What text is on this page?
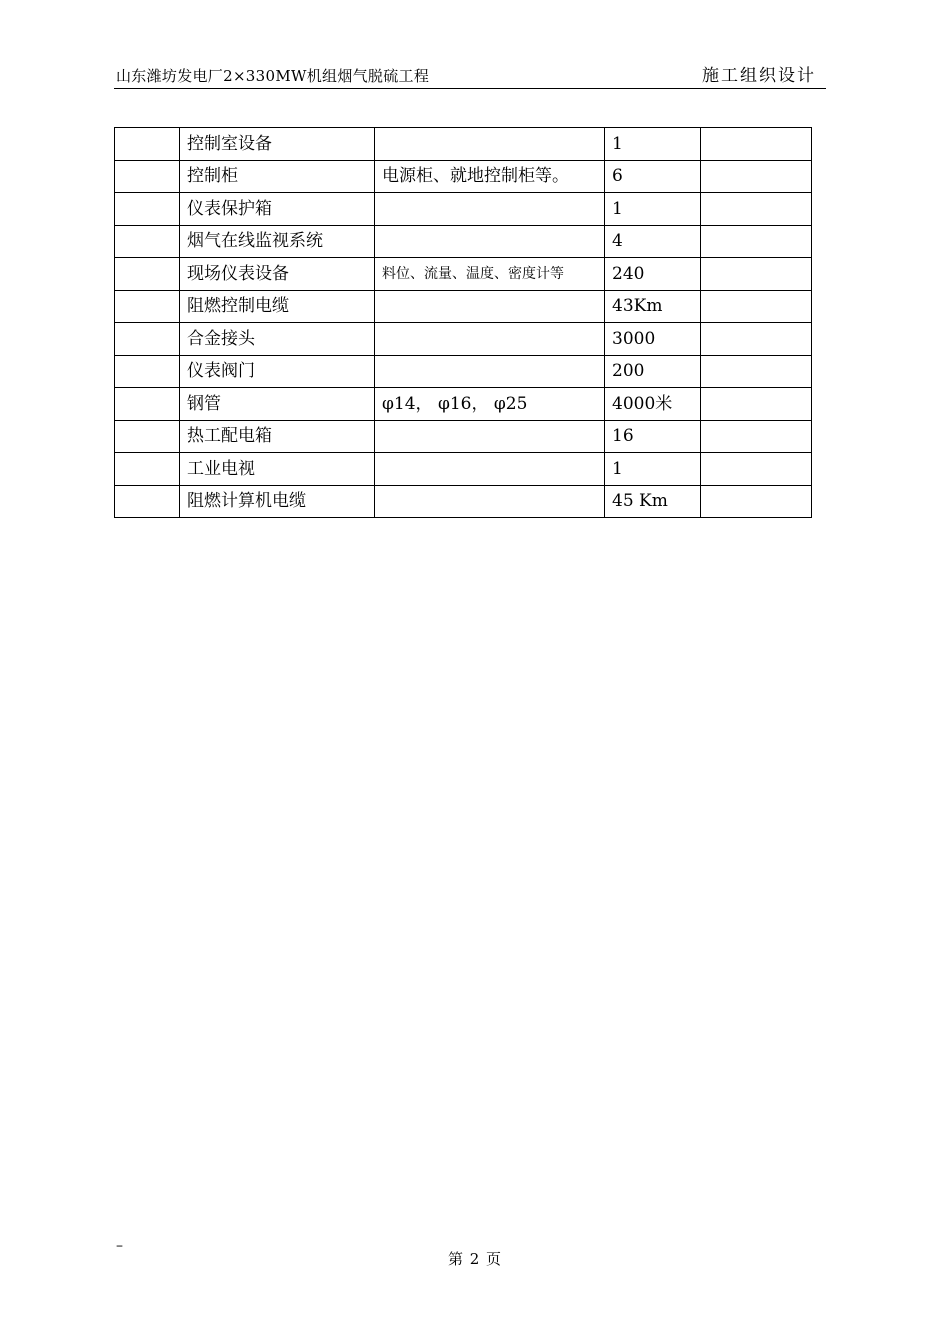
山东潍坊发电厂2×330MW机组烟气脱硫工程	施工组织设计
	控制室设备		1	
	控制柜	电源柜、就地控制柜等。	6	
	仪表保护箱		1	
	烟气在线监视系统		4	
	现场仪表设备	料位、流量、温度、密度计等	240	
	阻燃控制电缆		43Km	
	合金接头		3000	
	仪表阀门		200	
	钢管	φ14， φ16， φ25	4000米	
	热工配电箱		16	
	工业电视		1	
	阻燃计算机电缆		45 Km	
–
第 2 页
